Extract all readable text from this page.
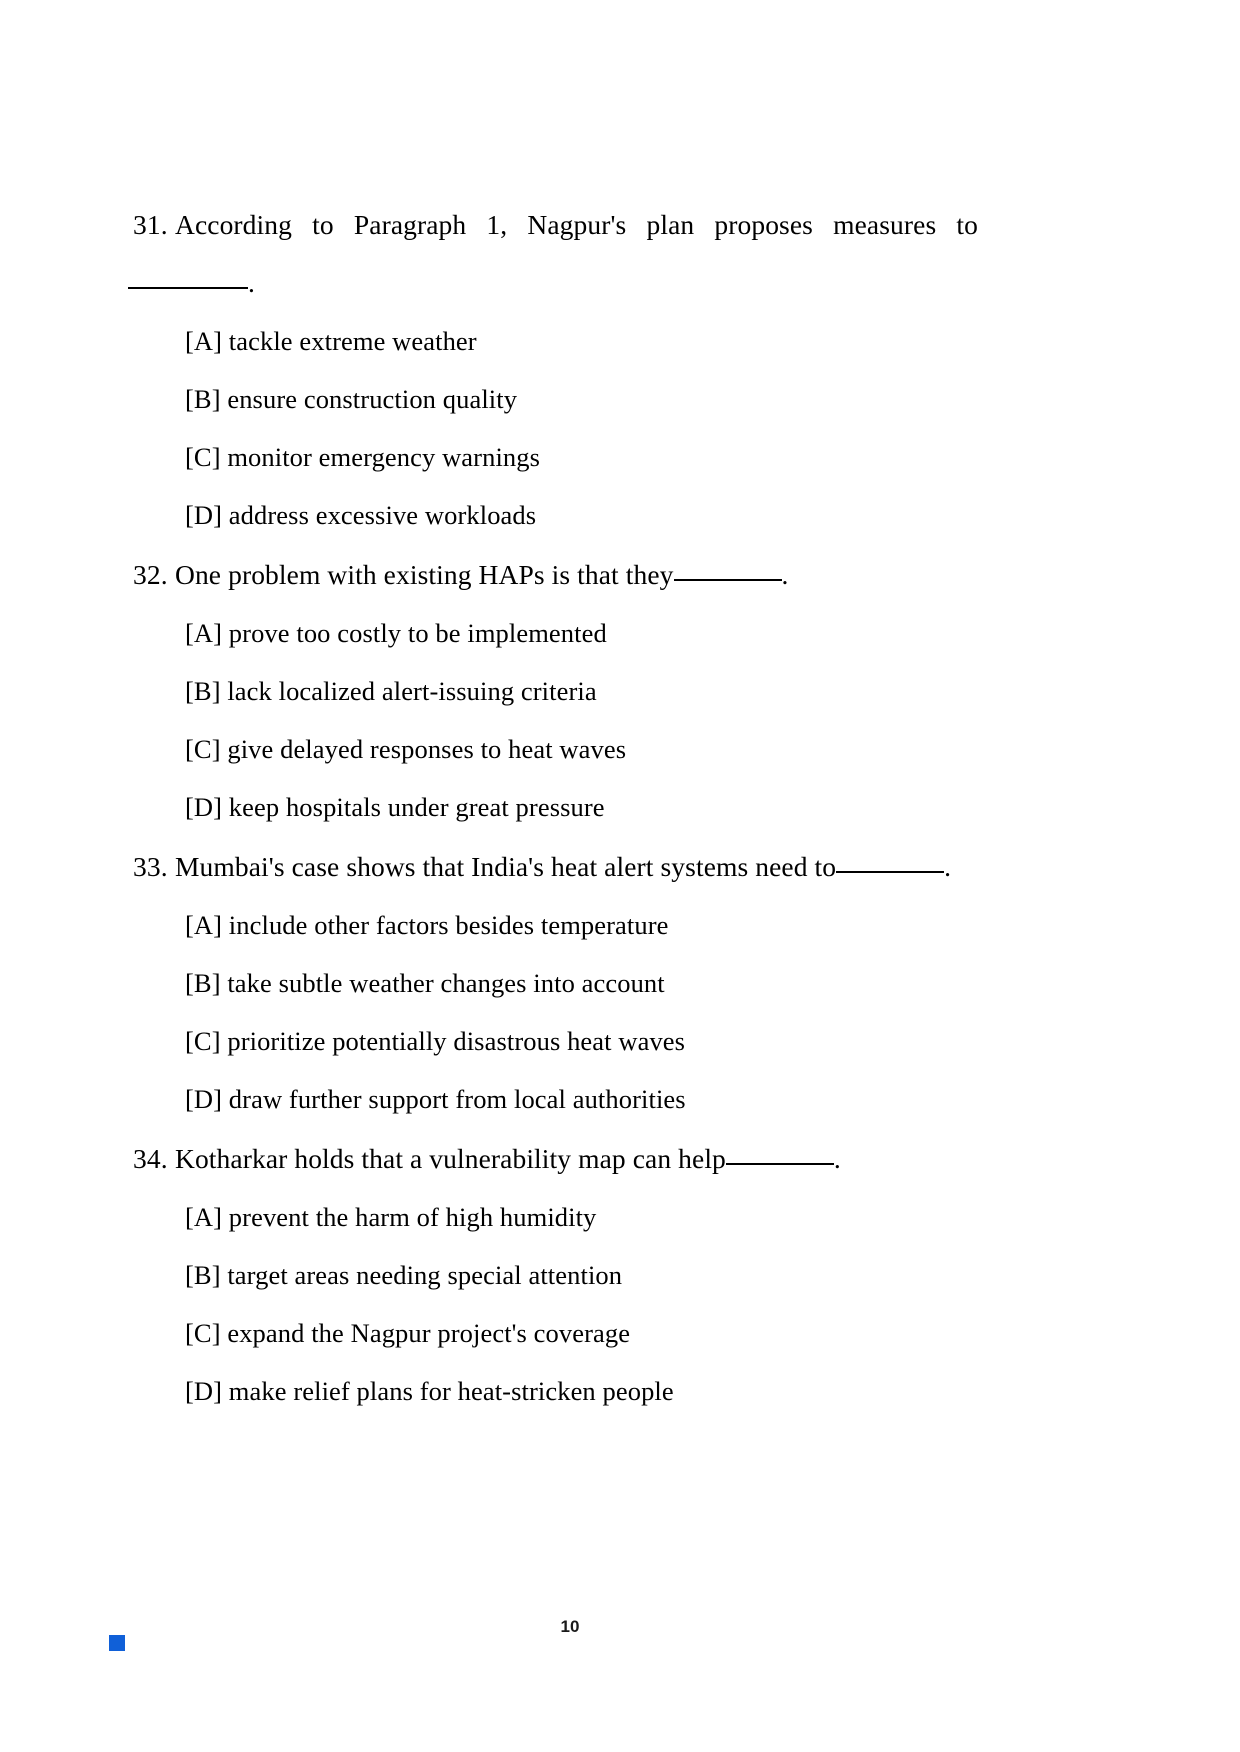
31. According to Paragraph 1, Nagpur's plan proposes measures to
.
[A] tackle extreme weather
[B] ensure construction quality
[C] monitor emergency warnings
[D] address excessive workloads
32. One problem with existing HAPs is that they	.
[A] prove too costly to be implemented
[B] lack localized alert-issuing criteria
[C] give delayed responses to heat waves
[D] keep hospitals under great pressure
33. Mumbai's case shows that India's heat alert systems need to	.
[A] include other factors besides temperature
[B] take subtle weather changes into account
[C] prioritize potentially disastrous heat waves
[D] draw further support from local authorities
34. Kotharkar holds that a vulnerability map can help	.
[A] prevent the harm of high humidity
[B] target areas needing special attention
[C] expand the Nagpur project's coverage
[D] make relief plans for heat-stricken people
10
